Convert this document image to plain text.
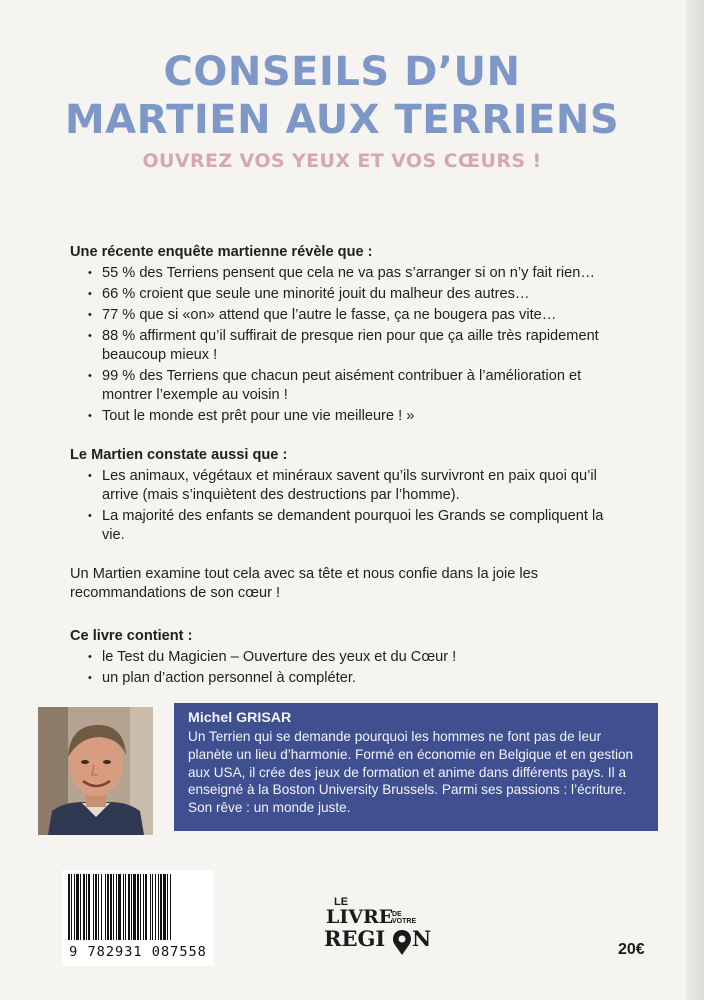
CONSEILS D’UN
MARTIEN AUX TERRIENS
OUVREZ VOS YEUX ET VOS CŒURS !
Une récente enquête martienne révèle que :
• 55 % des Terriens pensent que cela ne va pas s’arranger si on n’y fait rien…
• 66 % croient que seule une minorité jouit du malheur des autres…
• 77 % que si «on» attend que l’autre le fasse, ça ne bougera pas vite…
• 88 % affirment qu’il suffirait de presque rien pour que ça aille très rapidement beaucoup mieux !
• 99 % des Terriens que chacun peut aisément contribuer à l’amélioration et montrer l’exemple au voisin !
• Tout le monde est prêt pour une vie meilleure ! »
Le Martien constate aussi que :
• Les animaux, végétaux et minéraux savent qu’ils survivront en paix quoi qu’il arrive (mais s’inquiètent des destructions par l’homme).
• La majorité des enfants se demandent pourquoi les Grands se compliquent la vie.

Un Martien examine tout cela avec sa tête et nous confie dans la joie les recommandations de son cœur !

Ce livre contient :
• le Test du Magicien – Ouverture des yeux et du Cœur !
• un plan d’action personnel à compléter.
Michel GRISAR
Un Terrien qui se demande pourquoi les hommes ne font pas de leur planète un lieu d’harmonie. Formé en économie en Belgique et en gestion aux USA, il crée des jeux de formation et anime dans différents pays. Il a enseigné à la Boston University Brussels. Parmi ses passions : l’écriture. Son rêve : un monde juste.
9 782931 087558
LE
LIVRE
DE
VOTRE
REGI N	20€
